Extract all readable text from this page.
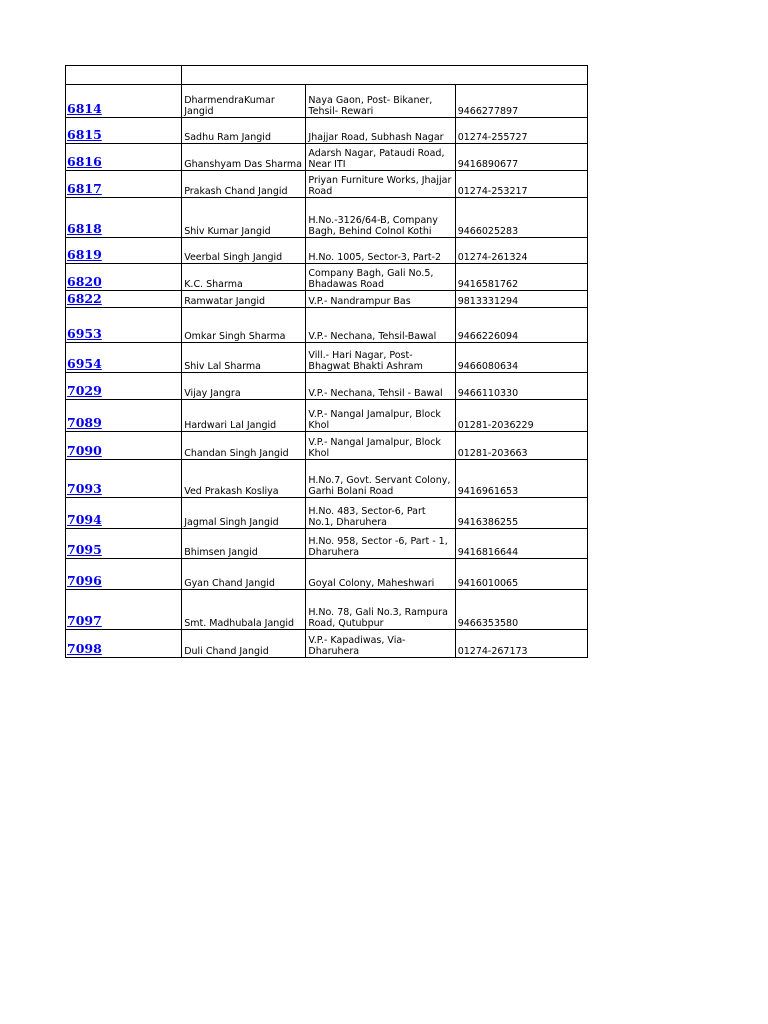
6814	DharmendraKumar Jangid	Naya Gaon, Post- Bikaner, Tehsil- Rewari	9466277897

6815	Sadhu Ram Jangid	Jhajjar Road, Subhash Nagar	01274-255727

6816	Ghanshyam Das Sharma	Adarsh Nagar, Pataudi Road, Near ITI	9416890677

6817	Prakash Chand Jangid	Priyan Furniture Works, Jhajjar Road	01274-253217

6818	Shiv Kumar Jangid	H.No.-3126/64-B, Company Bagh, Behind Colnol Kothi	9466025283

6819	Veerbal Singh Jangid	H.No. 1005, Sector-3, Part-2	01274-261324

6820	K.C. Sharma	Company Bagh, Gali No.5, Bhadawas Road	9416581762

6822	Ramwatar Jangid	V.P.- Nandrampur Bas	9813331294

6953	Omkar Singh Sharma	V.P.- Nechana, Tehsil-Bawal	9466226094

6954	Shiv Lal Sharma	Vill.- Hari Nagar, Post-Bhagwat Bhakti Ashram	9466080634

7029	Vijay Jangra	V.P.- Nechana, Tehsil - Bawal	9466110330

7089	Hardwari Lal Jangid	V.P.- Nangal Jamalpur, Block Khol	01281-2036229

7090	Chandan Singh Jangid	V.P.- Nangal Jamalpur, Block Khol	01281-203663

7093	Ved Prakash Kosliya	H.No.7, Govt. Servant Colony, Garhi Bolani Road	9416961653

7094	Jagmal Singh Jangid	H.No. 483, Sector-6, Part No.1, Dharuhera	9416386255

7095	Bhimsen Jangid	H.No. 958, Sector -6, Part - 1, Dharuhera	9416816644

7096	Gyan Chand Jangid	Goyal Colony, Maheshwari	9416010065

7097	Smt. Madhubala Jangid	H.No. 78, Gali No.3, Rampura Road, Qutubpur	9466353580

7098	Duli Chand Jangid	V.P.- Kapadiwas, Via-Dharuhera	01274-267173
